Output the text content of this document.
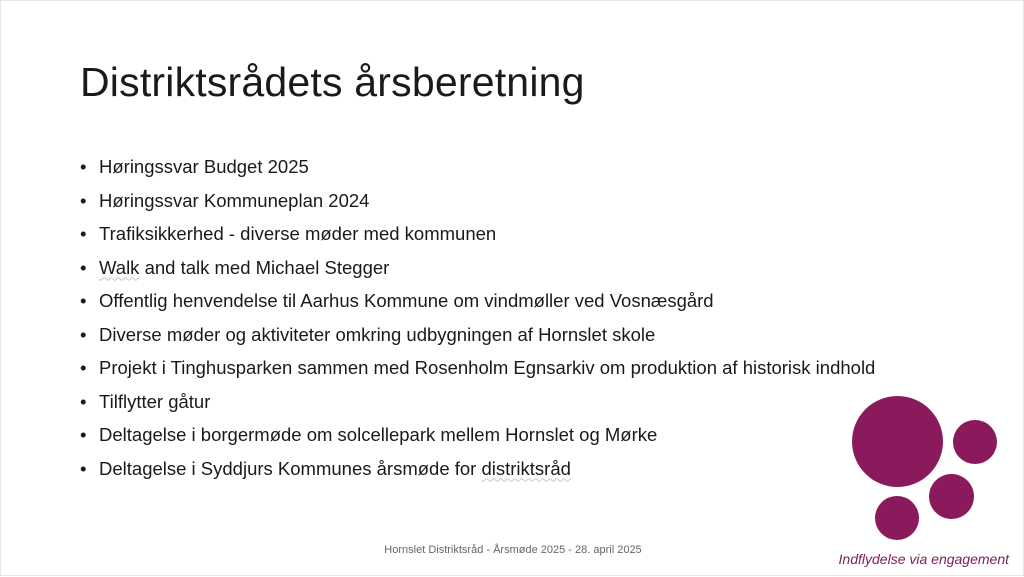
Distriktsrådets årsberetning
• Høringssvar Budget 2025
• Høringssvar Kommuneplan 2024
• Trafiksikkerhed - diverse møder med kommunen
• Walk and talk med Michael Stegger
• Offentlig henvendelse til Aarhus Kommune om vindmøller ved Vosnæsgård
• Diverse møder og aktiviteter omkring udbygningen af Hornslet skole
• Projekt i Tinghusparken sammen med Rosenholm Egnsarkiv om produktion af historisk indhold
• Tilflytter gåtur
• Deltagelse i borgermøde om solcellepark mellem Hornslet og Mørke
• Deltagelse i Syddjurs Kommunes årsmøde for distriktsråd
Hornslet Distriktsråd - Årsmøde 2025 - 28. april 2025
Indflydelse via engagement
